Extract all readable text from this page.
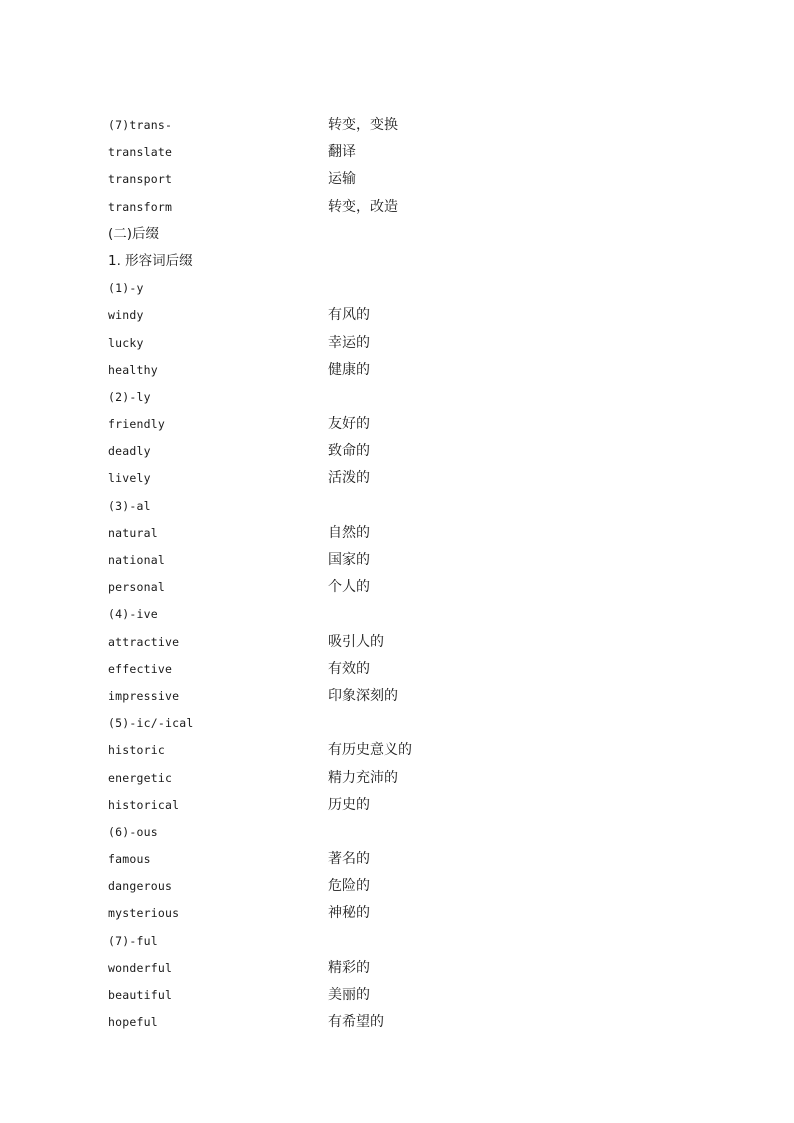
(7)trans-	转变，变换
translate	翻译
transport	运输
transform	转变，改造
(二)后缀
1. 形容词后缀
(1)-y
windy	有风的
lucky	幸运的
healthy	健康的
(2)-ly
friendly	友好的
deadly	致命的
lively	活泼的
(3)-al
natural	自然的
national	国家的
personal	个人的
(4)-ive
attractive	吸引人的
effective	有效的
impressive	印象深刻的
(5)-ic/-ical
historic	有历史意义的
energetic	精力充沛的
historical	历史的
(6)-ous
famous	著名的
dangerous	危险的
mysterious	神秘的
(7)-ful
wonderful	精彩的
beautiful	美丽的
hopeful	有希望的
